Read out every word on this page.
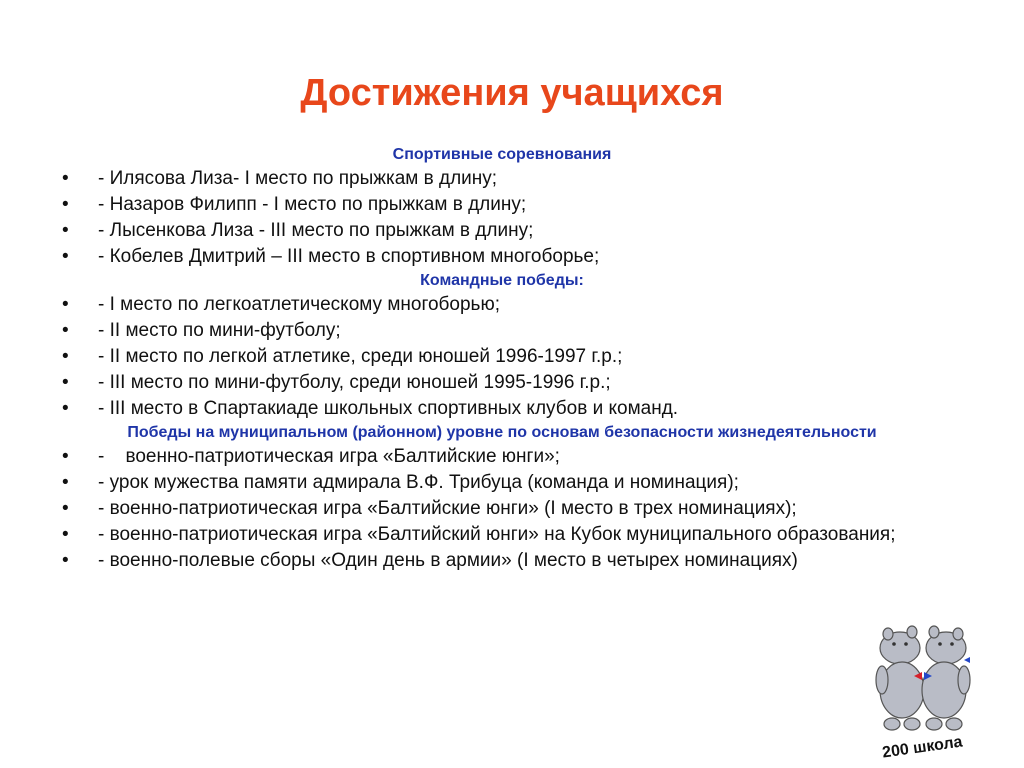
Достижения учащихся
Спортивные соревнования
•	- Илясова Лиза- I место по прыжкам в длину;
•	- Назаров Филипп - I место по прыжкам в длину;
•	- Лысенкова Лиза - III место по прыжкам в длину;
•	- Кобелев Дмитрий – III место в спортивном многоборье;
Командные победы:
•	- I место по легкоатлетическому многоборью;
•	- II место по мини-футболу;
•	- II место по легкой атлетике, среди юношей 1996-1997 г.р.;
•	- III место по мини-футболу, среди юношей 1995-1996 г.р.;
•	- III место в Спартакиаде школьных спортивных клубов и команд.
Победы на муниципальном (районном) уровне по основам безопасности жизнедеятельности
•	-    военно-патриотическая игра «Балтийские юнги»;
•	- урок мужества памяти адмирала В.Ф. Трибуца (команда и номинация);
•	- военно-патриотическая игра «Балтийские юнги» (I место в трех номинациях);
•	- военно-патриотическая игра «Балтийский юнги» на Кубок муниципального образования;
•	- военно-полевые сборы «Один день в армии» (I место в четырех номинациях)
200 школа
